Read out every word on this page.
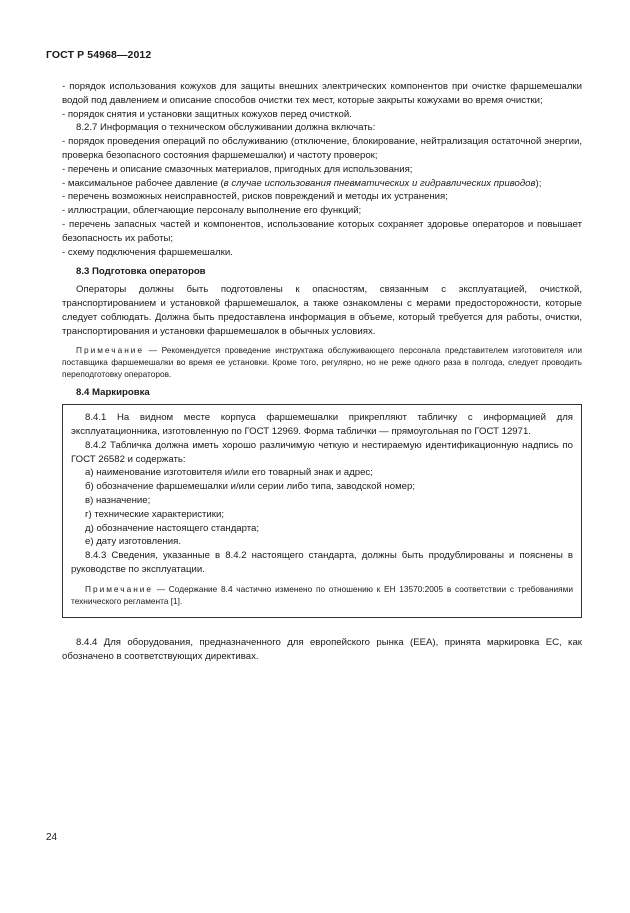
ГОСТ Р 54968—2012

- порядок использования кожухов для защиты внешних электрических компонентов при очистке фаршемешалки водой под давлением и описание способов очистки тех мест, которые закрыты кожухами во время очистки;

- порядок снятия и установки защитных кожухов перед очисткой.

8.2.7 Информация о техническом обслуживании должна включать:

- порядок проведения операций по обслуживанию (отключение, блокирование, нейтрализация остаточной энергии, проверка безопасного состояния фаршемешалки) и частоту проверок;

- перечень и описание смазочных материалов, пригодных для использования;

- максимальное рабочее давление (в случае использования пневматических и гидравлических приводов);

- перечень возможных неисправностей, рисков повреждений и методы их устранения;

- иллюстрации, облегчающие персоналу выполнение его функций;

- перечень запасных частей и компонентов, использование которых сохраняет здоровье операторов и повышает безопасность их работы;

- схему подключения фаршемешалки.

8.3 Подготовка операторов

Операторы должны быть подготовлены к опасностям, связанным с эксплуатацией, очисткой, транспортированием и установкой фаршемешалок, а также ознакомлены с мерами предосторожности, которые следует соблюдать. Должна быть предоставлена информация в объеме, который требуется для работы, очистки, транспортирования и установки фаршемешалок в обычных условиях.

Примечание — Рекомендуется проведение инструктажа обслуживающего персонала представителем изготовителя или поставщика фаршемешалки во время ее установки. Кроме того, регулярно, но не реже одного раза в полгода, следует проводить переподготовку операторов.

8.4 Маркировка

8.4.1 На видном месте корпуса фаршемешалки прикрепляют табличку с информацией для эксплуатационника, изготовленную по ГОСТ 12969. Форма таблички — прямоугольная по ГОСТ 12971.

8.4.2 Табличка должна иметь хорошо различимую четкую и нестираемую идентификационную надпись по ГОСТ 26582 и содержать:

а) наименование изготовителя и/или его товарный знак и адрес;

б) обозначение фаршемешалки и/или серии либо типа, заводской номер;

в) назначение;

г) технические характеристики;

д) обозначение настоящего стандарта;

е) дату изготовления.

8.4.3 Сведения, указанные в 8.4.2 настоящего стандарта, должны быть продублированы и пояснены в руководстве по эксплуатации.

Примечание — Содержание 8.4 частично изменено по отношению к ЕН 13570:2005 в соответствии с требованиями технического регламента [1].

8.4.4 Для оборудования, предназначенного для европейского рынка (EEA), принята маркировка ЕС, как обозначено в соответствующих директивах.

24
